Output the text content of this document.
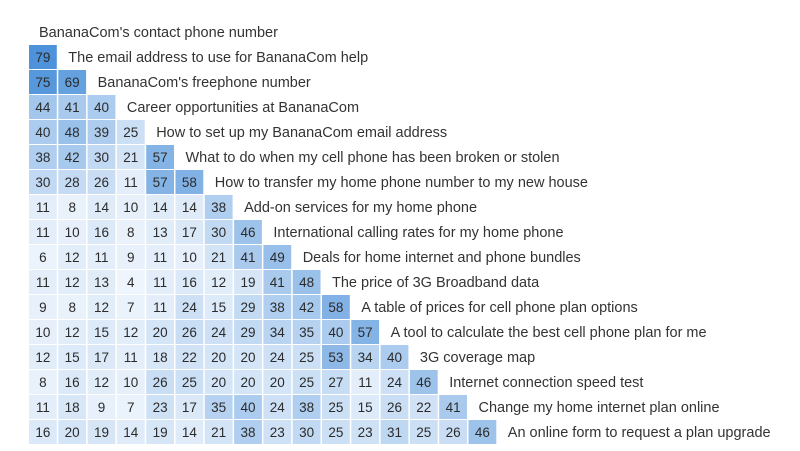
79
75 69
44 41 40
40 48 39 25
38 42 30 21 57
30 28 26 11 57 58
11 8 14 10 14 14 38
11 10 16 8 13 17 30 46
6 12 11 9 11 10 21 41 49
11 12 13 4 11 16 12 19 41 48
9 8 12 7 11 24 15 29 38 42 58
10 12 15 12 20 26 24 29 34 35 40 57
12 15 17 11 18 22 20 20 24 25 53 34 40
8 16 12 10 26 25 20 20 20 25 27 11 24 46
11 18 9 7 23 17 35 40 24 38 25 15 26 22 41
16 20 19 14 19 14 21 38 23 30 25 23 31 25 26 46
BananaCom's contact phone number
The email address to use for BananaCom help
BananaCom's freephone number
Career opportunities at BananaCom
How to set up my BananaCom email address
What to do when my cell phone has been broken or stolen
How to transfer my home phone number to my new house
Add-on services for my home phone
International calling rates for my home phone
Deals for home internet and phone bundles
The price of 3G Broadband data
A table of prices for cell phone plan options
A tool to calculate the best cell phone plan for me
3G coverage map
Internet connection speed test
Change my home internet plan online
An online form to request a plan upgrade
